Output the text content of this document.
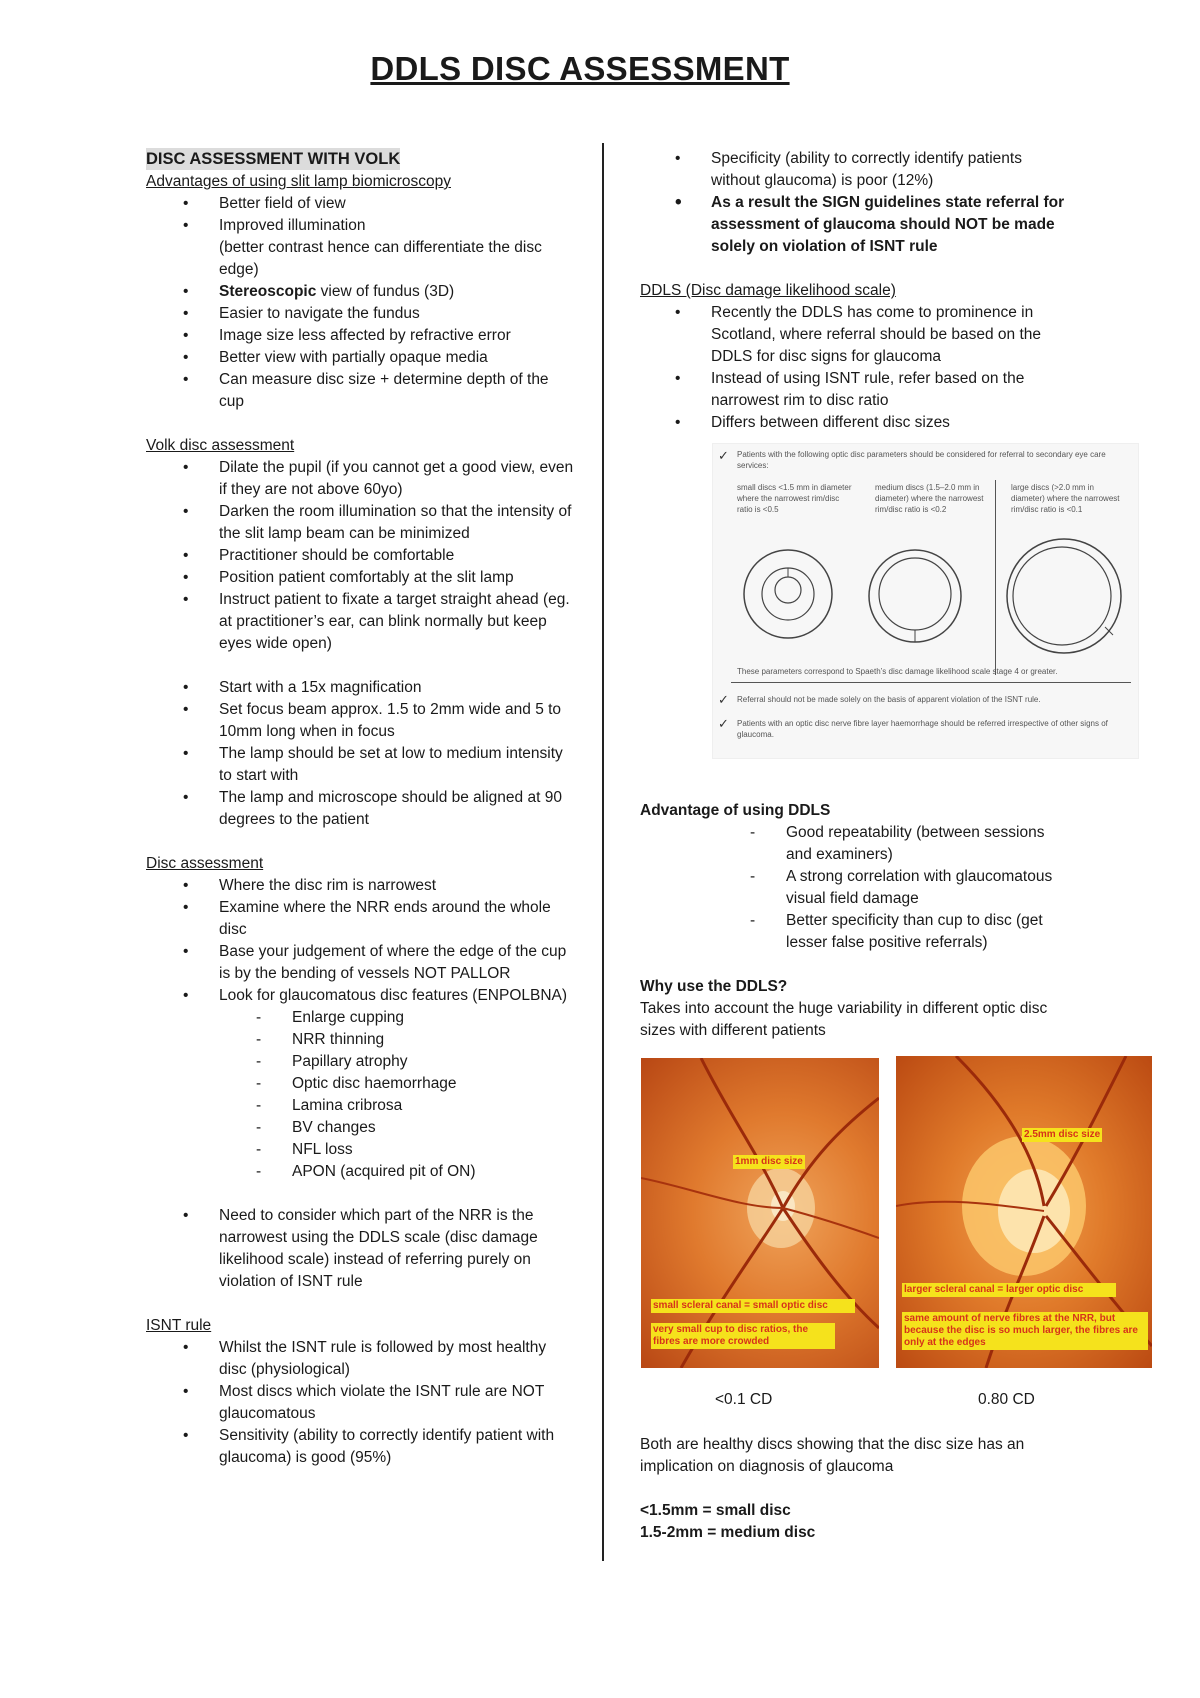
DDLS DISC ASSESSMENT
DISC ASSESSMENT WITH VOLK

Advantages of using slit lamp biomicroscopy

• Better field of view
• Improved illumination
(better contrast hence can differentiate the disc edge)
• Stereoscopic view of fundus (3D)
• Easier to navigate the fundus
• Image size less affected by refractive error
• Better view with partially opaque media
• Can measure disc size + determine depth of the cup

Volk disc assessment

• Dilate the pupil (if you cannot get a good view, even if they are not above 60yo)
• Darken the room illumination so that the intensity of the slit lamp beam can be minimized
• Practitioner should be comfortable
• Position patient comfortably at the slit lamp
• Instruct patient to fixate a target straight ahead (eg. at practitioner’s ear, can blink normally but keep eyes wide open)
• Start with a 15x magnification
• Set focus beam approx. 1.5 to 2mm wide and 5 to 10mm long when in focus
• The lamp should be set at low to medium intensity to start with
• The lamp and microscope should be aligned at 90 degrees to the patient

Disc assessment

• Where the disc rim is narrowest
• Examine where the NRR ends around the whole disc
• Base your judgement of where the edge of the cup is by the bending of vessels NOT PALLOR
• Look for glaucomatous disc features (ENPOLBNA)
- Enlarge cupping
- NRR thinning
- Papillary atrophy
- Optic disc haemorrhage
- Lamina cribrosa
- BV changes
- NFL loss
- APON (acquired pit of ON)
• Need to consider which part of the NRR is the narrowest using the DDLS scale (disc damage likelihood scale) instead of referring purely on violation of ISNT rule

ISNT rule

• Whilst the ISNT rule is followed by most healthy disc (physiological)
• Most discs which violate the ISNT rule are NOT glaucomatous
• Sensitivity (ability to correctly identify patient with glaucoma) is good (95%)
• Specificity (ability to correctly identify patients without glaucoma) is poor (12%)
• As a result the SIGN guidelines state referral for assessment of glaucoma should NOT be made solely on violation of ISNT rule

DDLS (Disc damage likelihood scale)

• Recently the DDLS has come to prominence in Scotland, where referral should be based on the DDLS for disc signs for glaucoma
• Instead of using ISNT rule, refer based on the narrowest rim to disc ratio
• Differs between different disc sizes
✓ Patients with the following optic disc parameters should be considered for referral to secondary eye care services:
small discs <1.5 mm in diameter where the narrowest rim/disc ratio is <0.5
medium discs (1.5–2.0 mm in diameter) where the narrowest rim/disc ratio is <0.2
large discs (>2.0 mm in diameter) where the narrowest rim/disc ratio is <0.1
These parameters correspond to Spaeth’s disc damage likelihood scale stage 4 or greater.
✓ Referral should not be made solely on the basis of apparent violation of the ISNT rule.
✓ Patients with an optic disc nerve fibre layer haemorrhage should be referred irrespective of other signs of glaucoma.

Advantage of using DDLS

- Good repeatability (between sessions and examiners)
- A strong correlation with glaucomatous visual field damage
- Better specificity than cup to disc (get lesser false positive referrals)

Why use the DDLS?

Takes into account the huge variability in different optic disc sizes with different patients

1mm disc size
small scleral canal = small optic disc
very small cup to disc ratios, the fibres are more crowded
2.5mm disc size
larger scleral canal = larger optic disc
same amount of nerve fibres at the NRR, but because the disc is so much larger, the fibres are only at the edges
<0.1 CD	0.80 CD

Both are healthy discs showing that the disc size has an implication on diagnosis of glaucoma

<1.5mm = small disc

1.5-2mm = medium disc
